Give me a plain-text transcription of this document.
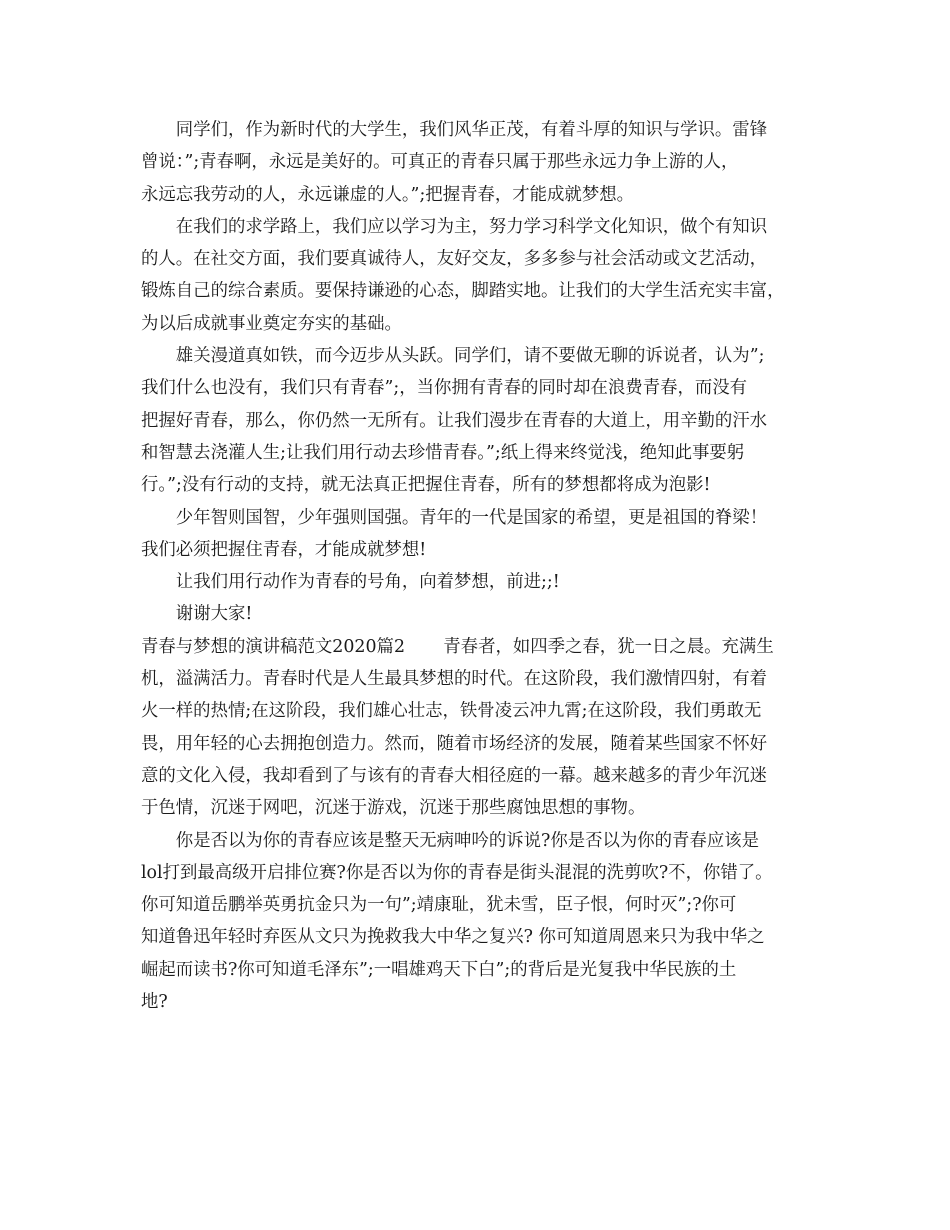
同学们，作为新时代的大学生，我们风华正茂，有着斗厚的知识与学识。雷锋

曾说：”;青春啊，永远是美好的。可真正的青春只属于那些永远力争上游的人，

永远忘我劳动的人，永远谦虚的人。”;把握青春，才能成就梦想。

在我们的求学路上，我们应以学习为主，努力学习科学文化知识，做个有知识

的人。在社交方面，我们要真诚待人，友好交友，多多参与社会活动或文艺活动，

锻炼自己的综合素质。要保持谦逊的心态，脚踏实地。让我们的大学生活充实丰富，

为以后成就事业奠定夯实的基础。

雄关漫道真如铁，而今迈步从头跃。同学们，请不要做无聊的诉说者，认为”;

我们什么也没有，我们只有青春”;，当你拥有青春的同时却在浪费青春，而没有

把握好青春，那么，你仍然一无所有。让我们漫步在青春的大道上，用辛勤的汗水

和智慧去浇灌人生;让我们用行动去珍惜青春。”;纸上得来终觉浅，绝知此事要躬

行。”;没有行动的支持，就无法真正把握住青春，所有的梦想都将成为泡影!

少年智则国智，少年强则国强。青年的一代是国家的希望，更是祖国的脊梁！

我们必须把握住青春，才能成就梦想!

让我们用行动作为青春的号角，向着梦想，前进;;!

谢谢大家!

青春与梦想的演讲稿范文2020篇2 青春者，如四季之春，犹一日之晨。充满生

机，溢满活力。青春时代是人生最具梦想的时代。在这阶段，我们激情四射，有着

火一样的热情;在这阶段，我们雄心壮志，铁骨凌云冲九霄;在这阶段，我们勇敢无

畏，用年轻的心去拥抱创造力。然而，随着市场经济的发展，随着某些国家不怀好

意的文化入侵，我却看到了与该有的青春大相径庭的一幕。越来越多的青少年沉迷

于色情，沉迷于网吧，沉迷于游戏，沉迷于那些腐蚀思想的事物。

你是否以为你的青春应该是整天无病呻吟的诉说?你是否以为你的青春应该是

lol打到最高级开启排位赛?你是否以为你的青春是街头混混的洗剪吹?不，你错了。

你可知道岳鹏举英勇抗金只为一句”;靖康耻，犹未雪，臣子恨，何时灭”;?你可

知道鲁迅年轻时弃医从文只为挽救我大中华之复兴? 你可知道周恩来只为我中华之

崛起而读书?你可知道毛泽东”;一唱雄鸡天下白”;的背后是光复我中华民族的土

地?
